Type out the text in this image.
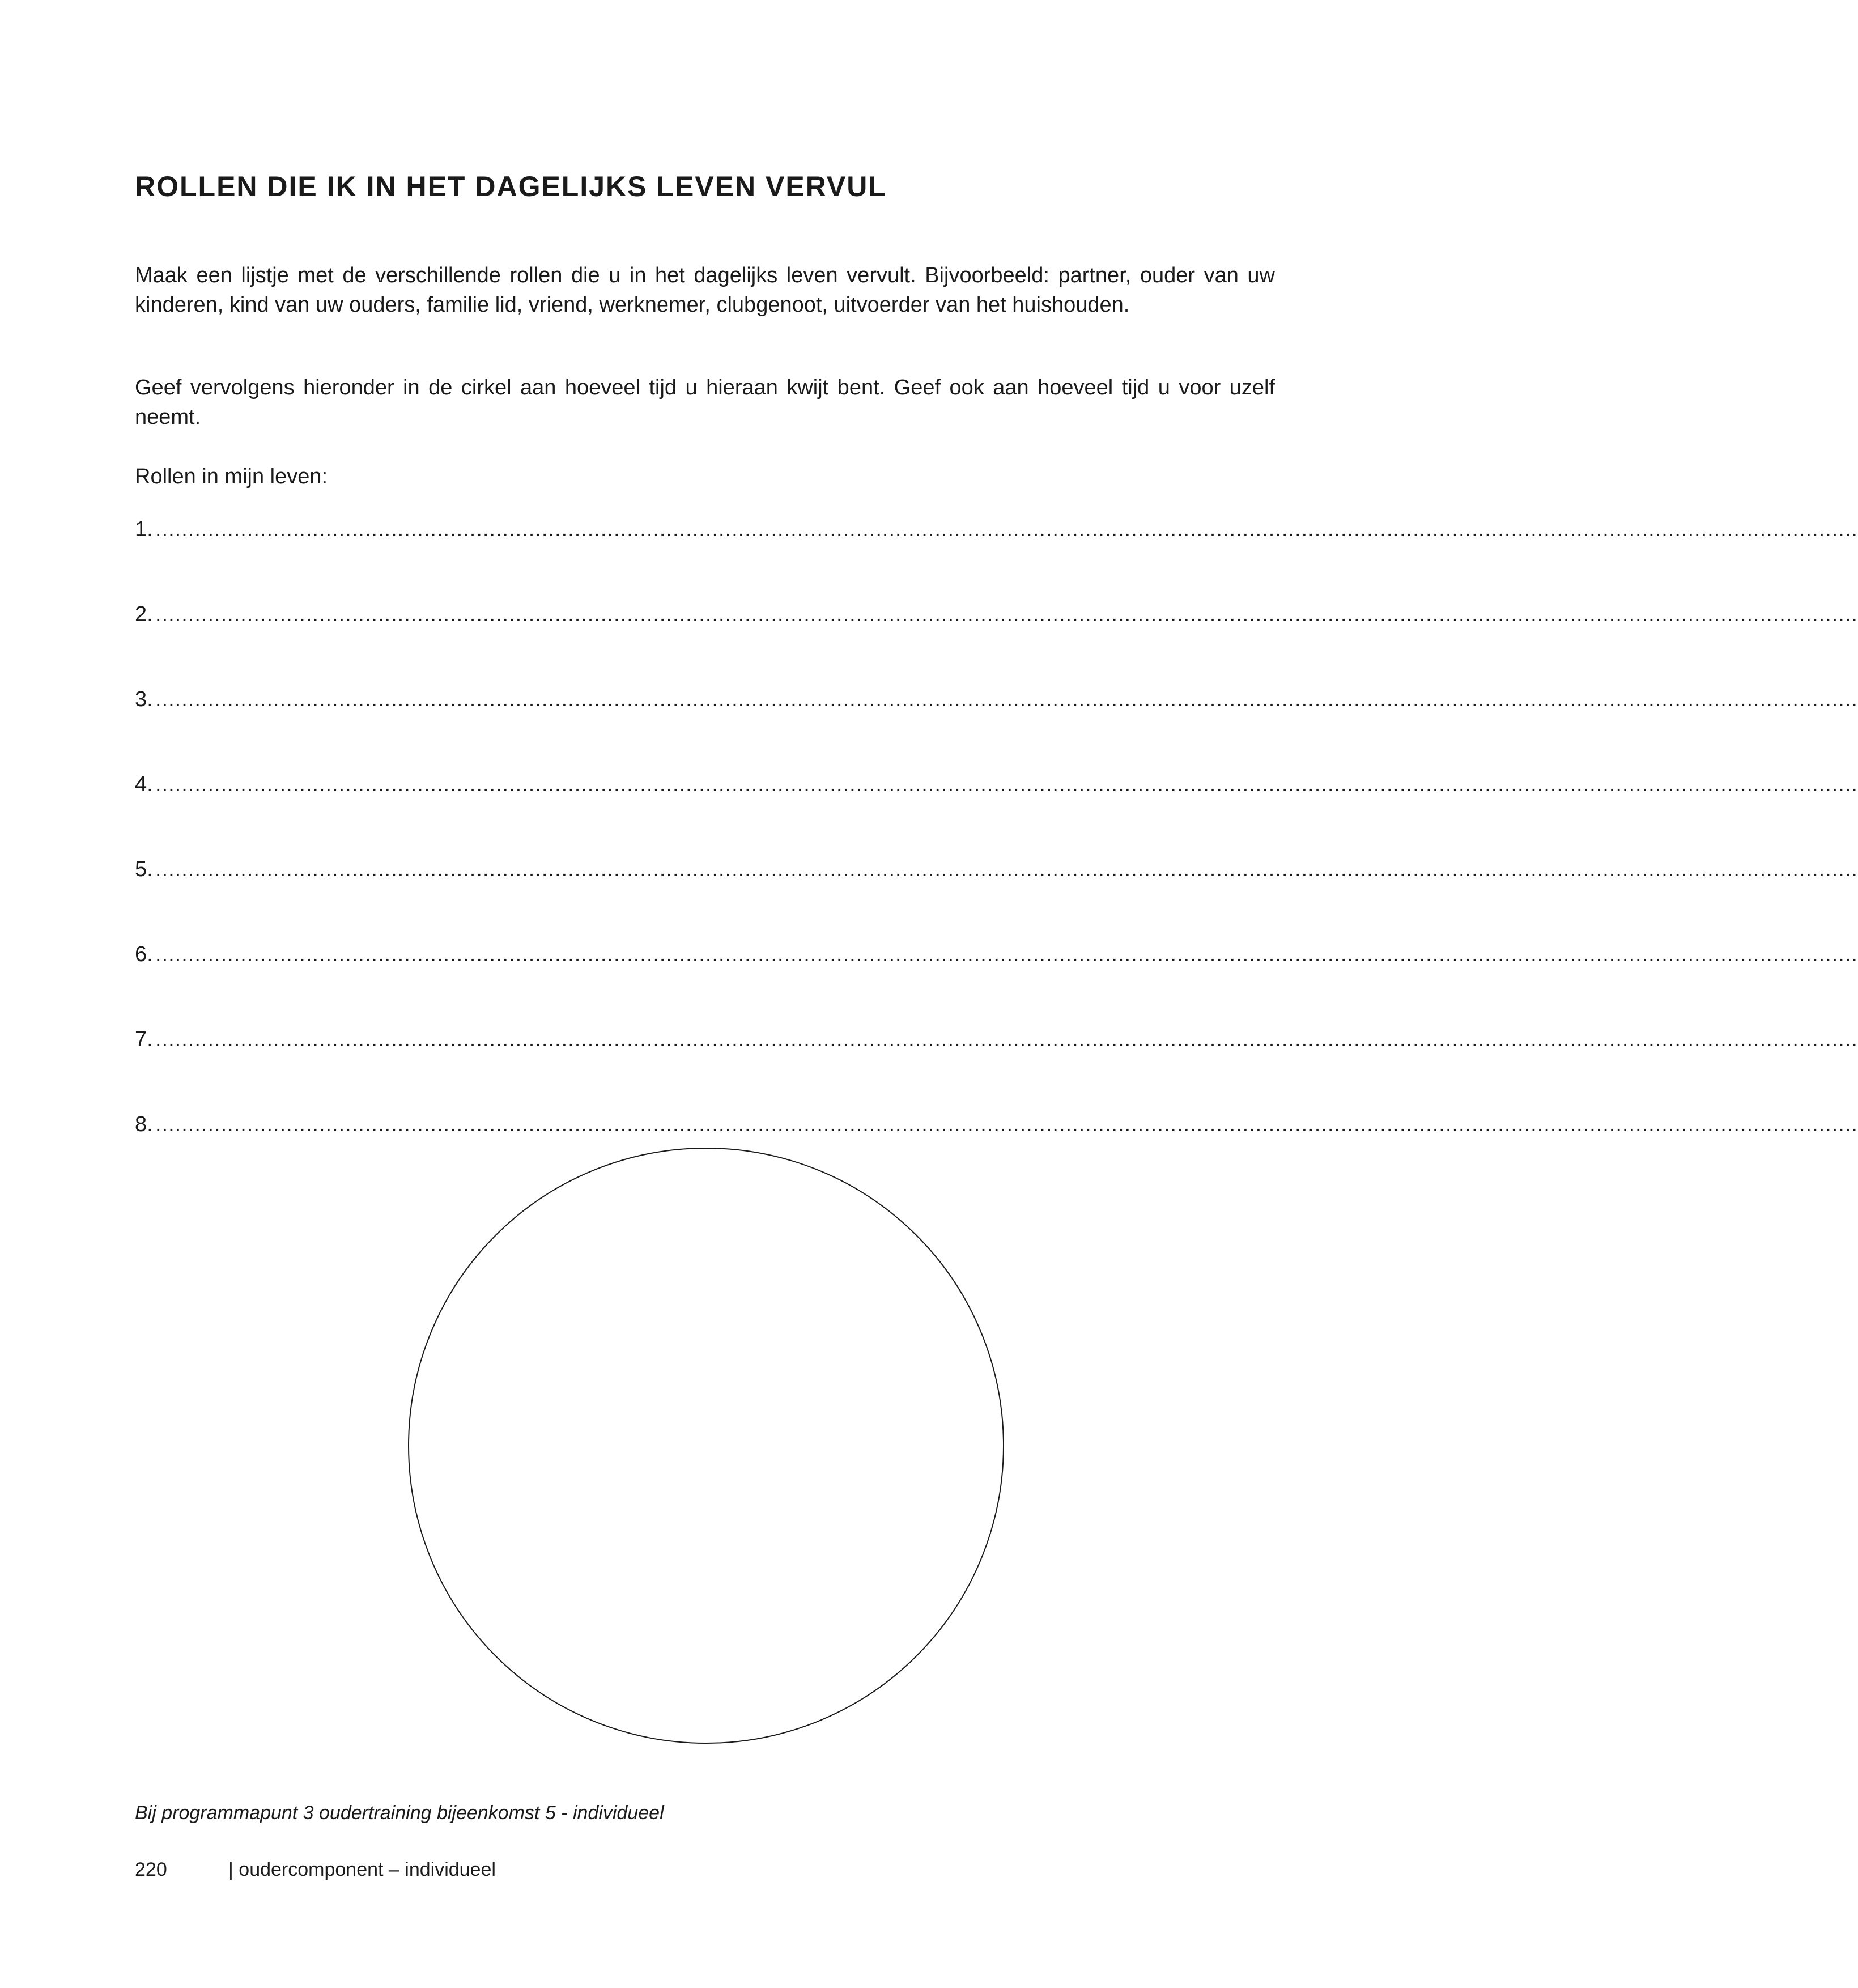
ROLLEN DIE IK IN HET DAGELIJKS LEVEN VERVUL

Maak een lijstje met de verschillende rollen die u in het dagelijks leven vervult. Bijvoorbeeld: partner, ouder van uw kinderen, kind van uw ouders, familie lid, vriend, werknemer, clubgenoot, uitvoerder van het huishouden.

Geef vervolgens hieronder in de cirkel aan hoeveel tijd u hieraan kwijt bent. Geef ook aan hoeveel tijd u voor uzelf neemt.

Rollen in mijn leven:

1. ....................................................................................................................................................................................................................................................................
2. ....................................................................................................................................................................................................................................................................
3. ....................................................................................................................................................................................................................................................................
4. ....................................................................................................................................................................................................................................................................
5. ....................................................................................................................................................................................................................................................................
6. ....................................................................................................................................................................................................................................................................
7. ....................................................................................................................................................................................................................................................................
8. ....................................................................................................................................................................................................................................................................

Bij programmapunt 3 oudertraining bijeenkomst 5 - individueel

220	| oudercomponent – individueel
